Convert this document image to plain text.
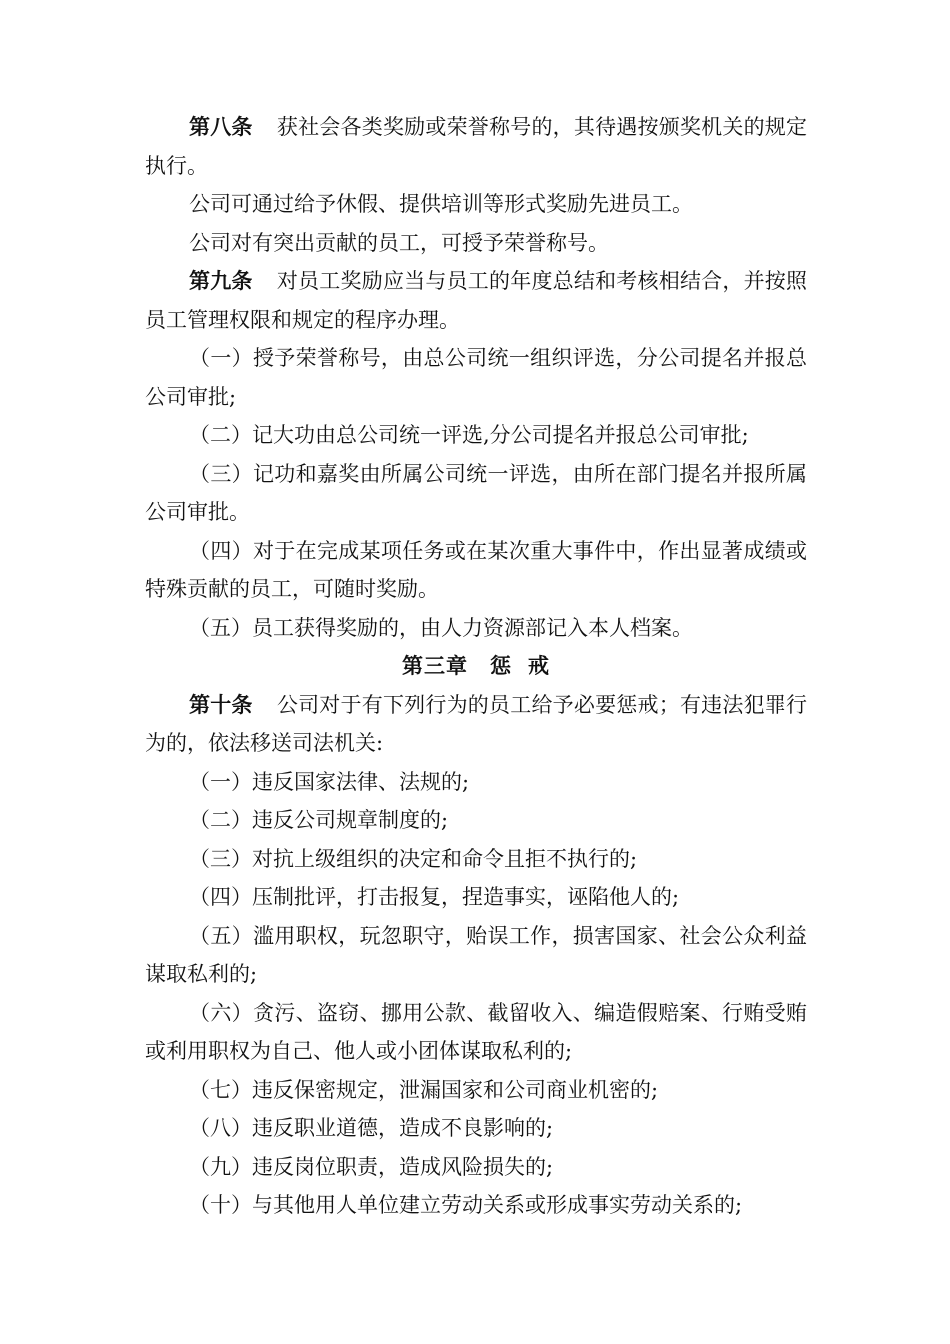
第八条 获社会各类奖励或荣誉称号的，其待遇按颁奖机关的规定执行。

公司可通过给予休假、提供培训等形式奖励先进员工。

公司对有突出贡献的员工，可授予荣誉称号。

第九条 对员工奖励应当与员工的年度总结和考核相结合，并按照员工管理权限和规定的程序办理。

（一）授予荣誉称号，由总公司统一组织评选，分公司提名并报总公司审批;

（二）记大功由总公司统一评选,分公司提名并报总公司审批;

（三）记功和嘉奖由所属公司统一评选，由所在部门提名并报所属公司审批。

（四）对于在完成某项任务或在某次重大事件中，作出显著成绩或特殊贡献的员工，可随时奖励。

（五）员工获得奖励的，由人力资源部记入本人档案。

第三章 惩 戒

第十条 公司对于有下列行为的员工给予必要惩戒；有违法犯罪行为的，依法移送司法机关:

（一）违反国家法律、法规的;

（二）违反公司规章制度的;

（三）对抗上级组织的决定和命令且拒不执行的;

（四）压制批评，打击报复，捏造事实，诬陷他人的;

（五）滥用职权，玩忽职守，贻误工作，损害国家、社会公众利益谋取私利的;

（六）贪污、盗窃、挪用公款、截留收入、编造假赔案、行贿受贿或利用职权为自己、他人或小团体谋取私利的;

（七）违反保密规定，泄漏国家和公司商业机密的;

（八）违反职业道德，造成不良影响的;

（九）违反岗位职责，造成风险损失的;

（十）与其他用人单位建立劳动关系或形成事实劳动关系的;
